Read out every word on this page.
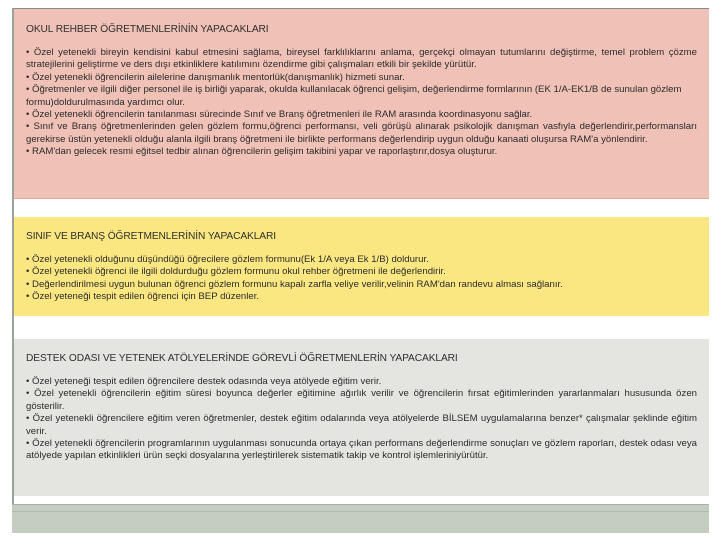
OKUL REHBER ÖĞRETMENLERİNİN YAPACAKLARI

• Özel yetenekli bireyin kendisini kabul etmesini sağlama, bireysel farklılıklarını anlama, gerçekçi olmayan tutumlarını değiştirme, temel problem çözme stratejilerini geliştirme ve ders dışı etkinliklere katılımını özendirme gibi çalışmaları etkili bir şekilde yürütür.

• Özel yetenekli öğrencilerin ailelerine danışmanlık mentorlük(danışmanlık) hizmeti sunar.

• Öğretmenler ve ilgili diğer personel ile iş birliği yaparak, okulda kullanılacak öğrenci gelişim, değerlendirme formlarının (EK 1/A-EK1/B de sunulan gözlem formu)doldurulmasında yardımcı olur.

• Özel yetenekli öğrencilerin tanılanması sürecinde Sınıf ve Branş öğretmenleri ile RAM arasında koordinasyonu sağlar.

• Sınıf ve Branş öğretmenlerinden gelen gözlem formu,öğrenci performansı, veli görüşü alınarak psikolojik danışman vasfıyla değerlendirir,performansları gerekirse üstün yetenekli olduğu alanla ilgili branş öğretmeni ile birlikte performans değerlendirip uygun olduğu kanaati oluşursa RAM'a yönlendirir.

• RAM'dan gelecek resmi eğitsel tedbir alınan öğrencilerin gelişim takibini yapar ve raporlaştırır,dosya oluşturur.

SINIF VE BRANŞ ÖĞRETMENLERİNİN YAPACAKLARI

• Özel yetenekli olduğunu düşündüğü öğrecilere gözlem formunu(Ek 1/A veya Ek 1/B) doldurur.

• Özel yetenekli öğrenci ile ilgili doldurduğu gözlem formunu okul rehber öğretmeni ile değerlendirir.

• Değerlendirilmesi uygun bulunan öğrenci gözlem formunu kapalı zarfla veliye verilir,velinin RAM'dan randevu alması sağlanır.

• Özel yeteneği tespit edilen öğrenci için BEP düzenler.

DESTEK ODASI VE YETENEK ATÖLYELERİNDE GÖREVLİ ÖĞRETMENLERİN YAPACAKLARI

• Özel yeteneği tespit edilen öğrencilere destek odasında veya atölyede eğitim verir.

• Özel yetenekli öğrencilerin eğitim süresi boyunca değerler eğitimine ağırlık verilir ve öğrencilerin fırsat eğitimlerinden yararlanmaları hususunda özen gösterilir.

• Özel yetenekli öğrencilere eğitim veren öğretmenler, destek eğitim odalarında veya atölyelerde BİLSEM uygulamalarına benzer* çalışmalar şeklinde eğitim verir.

• Özel yetenekli öğrencilerin programlarının uygulanması sonucunda ortaya çıkan performans değerlendirme sonuçları ve gözlem raporları, destek odası veya atölyede yapılan etkinlikleri ürün seçki dosyalarına yerleştirilerek sistematik takip ve kontrol işlemleriniyürütür.
